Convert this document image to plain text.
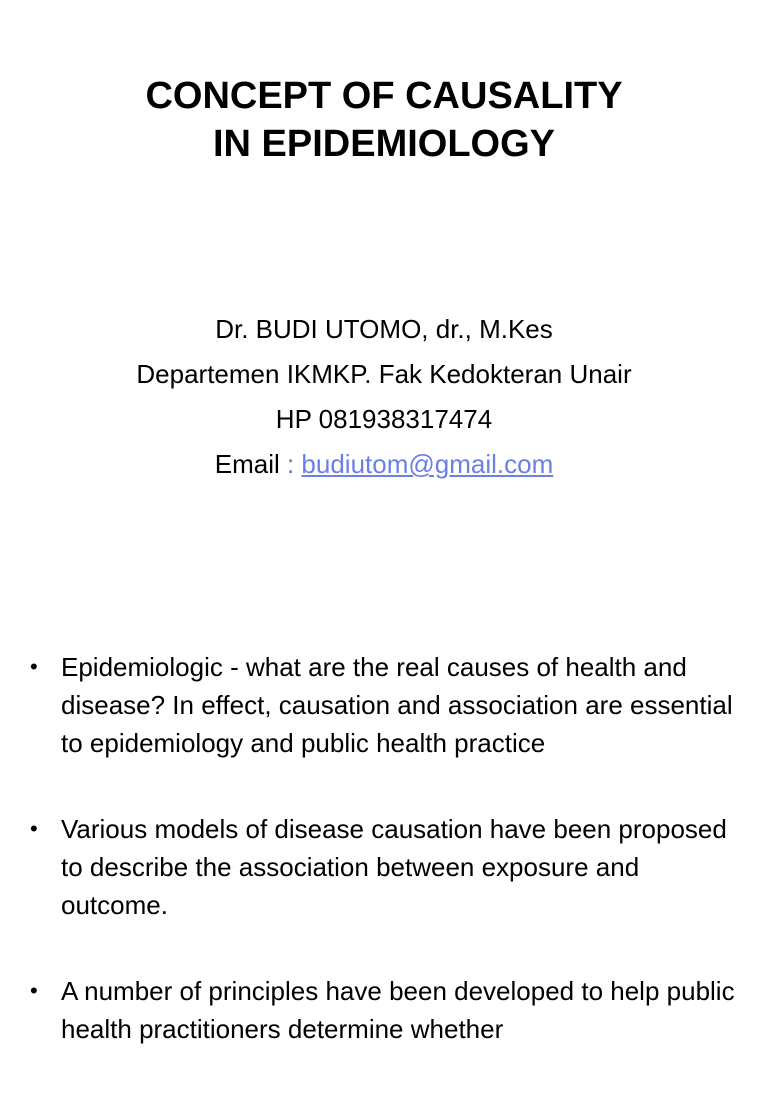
CONCEPT OF CAUSALITY
IN EPIDEMIOLOGY
Dr. BUDI UTOMO, dr., M.Kes
Departemen IKMKP. Fak Kedokteran Unair
HP 081938317474
Email : budiutom@gmail.com
• Epidemiologic - what are the real causes of health and disease? In effect, causation and association are essential to epidemiology and public health practice
• Various models of disease causation have been proposed to describe the association between exposure and outcome.
• A number of principles have been developed to help public health practitioners determine whether
